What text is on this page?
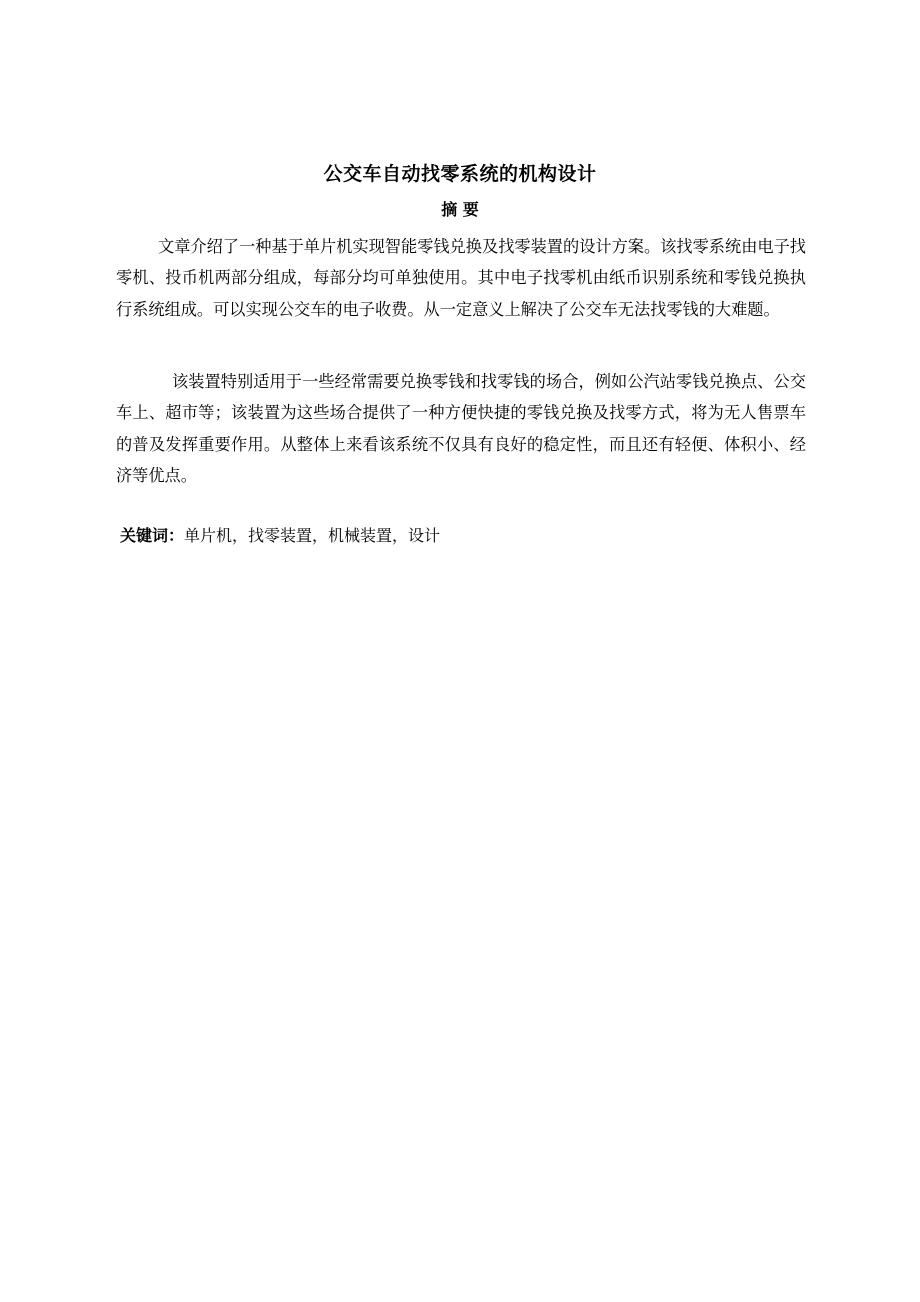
公交车自动找零系统的机构设计
摘 要

文章介绍了一种基于单片机实现智能零钱兑换及找零装置的设计方案。该找零系统由电子找零机、投币机两部分组成，每部分均可单独使用。其中电子找零机由纸币识别系统和零钱兑换执行系统组成。可以实现公交车的电子收费。从一定意义上解决了公交车无法找零钱的大难题。

该装置特别适用于一些经常需要兑换零钱和找零钱的场合，例如公汽站零钱兑换点、公交车上、超市等；该装置为这些场合提供了一种方便快捷的零钱兑换及找零方式，将为无人售票车的普及发挥重要作用。从整体上来看该系统不仅具有良好的稳定性，而且还有轻便、体积小、经济等优点。

关键词：单片机，找零装置，机械装置，设计
